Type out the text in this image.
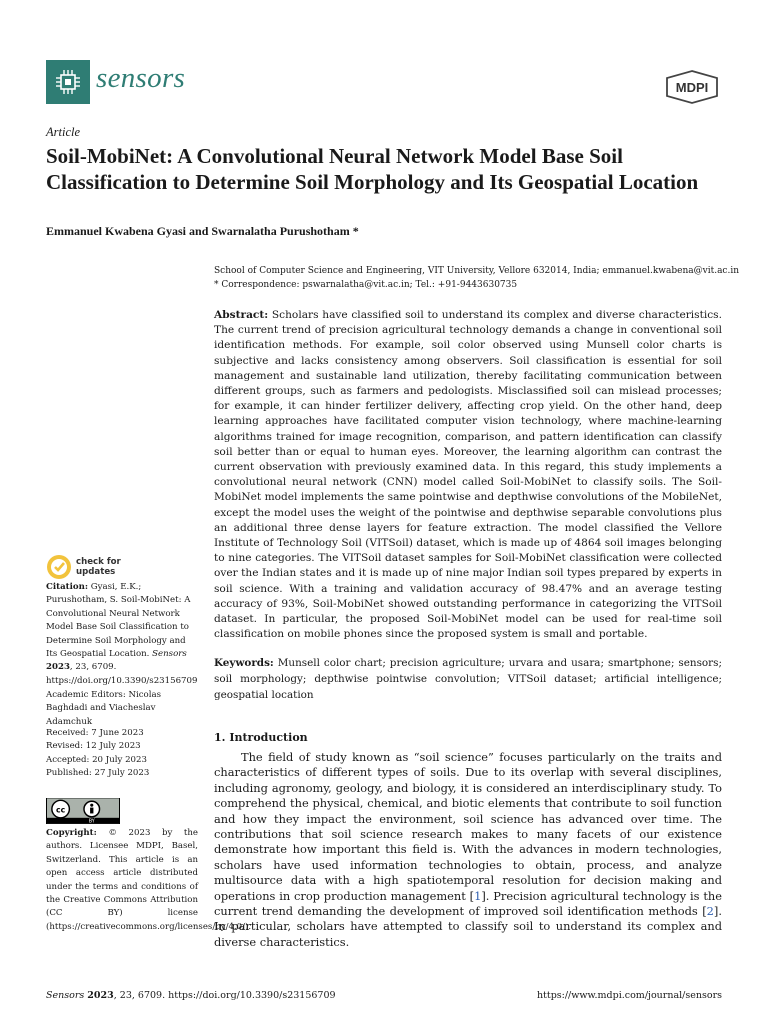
sensors	MDPI
Article
Soil-MobiNet: A Convolutional Neural Network Model Base Soil Classification to Determine Soil Morphology and Its Geospatial Location
Emmanuel Kwabena Gyasi and Swarnalatha Purushotham *
School of Computer Science and Engineering, VIT University, Vellore 632014, India; emmanuel.kwabena@vit.ac.in
* Correspondence: pswarnalatha@vit.ac.in; Tel.: +91-9443630735
Abstract: Scholars have classified soil to understand its complex and diverse characteristics. The current trend of precision agricultural technology demands a change in conventional soil identification methods. For example, soil color observed using Munsell color charts is subjective and lacks consistency among observers. Soil classification is essential for soil management and sustainable land utilization, thereby facilitating communication between different groups, such as farmers and pedologists. Misclassified soil can mislead processes; for example, it can hinder fertilizer delivery, affecting crop yield. On the other hand, deep learning approaches have facilitated computer vision technology, where machine-learning algorithms trained for image recognition, comparison, and pattern identification can classify soil better than or equal to human eyes. Moreover, the learning algorithm can contrast the current observation with previously examined data. In this regard, this study implements a convolutional neural network (CNN) model called Soil-MobiNet to classify soils. The Soil-MobiNet model implements the same pointwise and depthwise convolutions of the MobileNet, except the model uses the weight of the pointwise and depthwise separable convolutions plus an additional three dense layers for feature extraction. The model classified the Vellore Institute of Technology Soil (VITSoil) dataset, which is made up of 4864 soil images belonging to nine categories. The VITSoil dataset samples for Soil-MobiNet classification were collected over the Indian states and it is made up of nine major Indian soil types prepared by experts in soil science. With a training and validation accuracy of 98.47% and an average testing accuracy of 93%, Soil-MobiNet showed outstanding performance in categorizing the VITSoil dataset. In particular, the proposed Soil-MobiNet model can be used for real-time soil classification on mobile phones since the proposed system is small and portable.
Keywords: Munsell color chart; precision agriculture; urvara and usara; smartphone; sensors; soil morphology; depthwise pointwise convolution; VITSoil dataset; artificial intelligence; geospatial location
1. Introduction
The field of study known as “soil science” focuses particularly on the traits and characteristics of different types of soils. Due to its overlap with several disciplines, including agronomy, geology, and biology, it is considered an interdisciplinary study. To comprehend the physical, chemical, and biotic elements that contribute to soil function and how they impact the environment, soil science has advanced over time. The contributions that soil science research makes to many facets of our existence demonstrate how important this field is. With the advances in modern technologies, scholars have used information technologies to obtain, process, and analyze multisource data with a high spatiotemporal resolution for decision making and operations in crop production management [1]. Precision agricultural technology is the current trend demanding the development of improved soil identification methods [2]. In particular, scholars have attempted to classify soil to understand its complex and diverse characteristics.
check for
updates
Citation: Gyasi, E.K.; Purushotham, S. Soil-MobiNet: A Convolutional Neural Network Model Base Soil Classification to Determine Soil Morphology and Its Geospatial Location. Sensors 2023, 23, 6709. https://doi.org/10.3390/s23156709
Academic Editors: Nicolas Baghdadi and Viacheslav Adamchuk
Received: 7 June 2023
Revised: 12 July 2023
Accepted: 20 July 2023
Published: 27 July 2023
cc
BY
Copyright: © 2023 by the authors. Licensee MDPI, Basel, Switzerland. This article is an open access article distributed under the terms and conditions of the Creative Commons Attribution (CC BY) license (https://creativecommons.org/licenses/by/4.0/).
Sensors 2023, 23, 6709. https://doi.org/10.3390/s23156709	https://www.mdpi.com/journal/sensors
